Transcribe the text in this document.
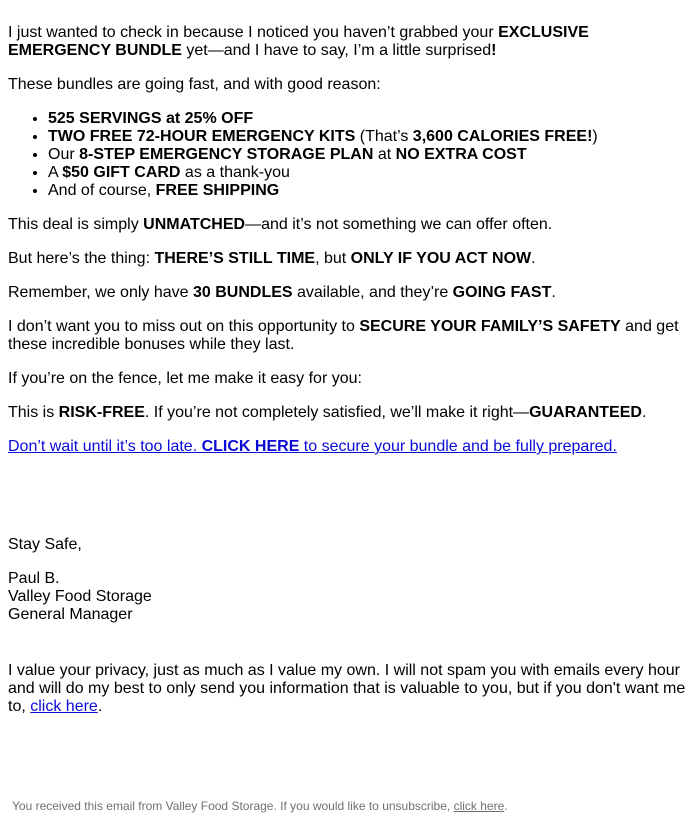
I just wanted to check in because I noticed you haven’t grabbed your EXCLUSIVE EMERGENCY BUNDLE yet—and I have to say, I’m a little surprised!

These bundles are going fast, and with good reason:

• 525 SERVINGS at 25% OFF
• TWO FREE 72-HOUR EMERGENCY KITS (That’s 3,600 CALORIES FREE!)
• Our 8-STEP EMERGENCY STORAGE PLAN at NO EXTRA COST
• A $50 GIFT CARD as a thank-you
• And of course, FREE SHIPPING

This deal is simply UNMATCHED—and it’s not something we can offer often.

But here’s the thing: THERE’S STILL TIME, but ONLY IF YOU ACT NOW.

Remember, we only have 30 BUNDLES available, and they’re GOING FAST.

I don’t want you to miss out on this opportunity to SECURE YOUR FAMILY’S SAFETY and get these incredible bonuses while they last.

If you’re on the fence, let me make it easy for you:

This is RISK-FREE. If you’re not completely satisfied, we’ll make it right—GUARANTEED.

Don’t wait until it’s too late. CLICK HERE to secure your bundle and be fully prepared.

Stay Safe,

Paul B.
Valley Food Storage
General Manager

I value your privacy, just as much as I value my own. I will not spam you with emails every hour and will do my best to only send you information that is valuable to you, but if you don't want me to, click here.

You received this email from Valley Food Storage. If you would like to unsubscribe, click here.
